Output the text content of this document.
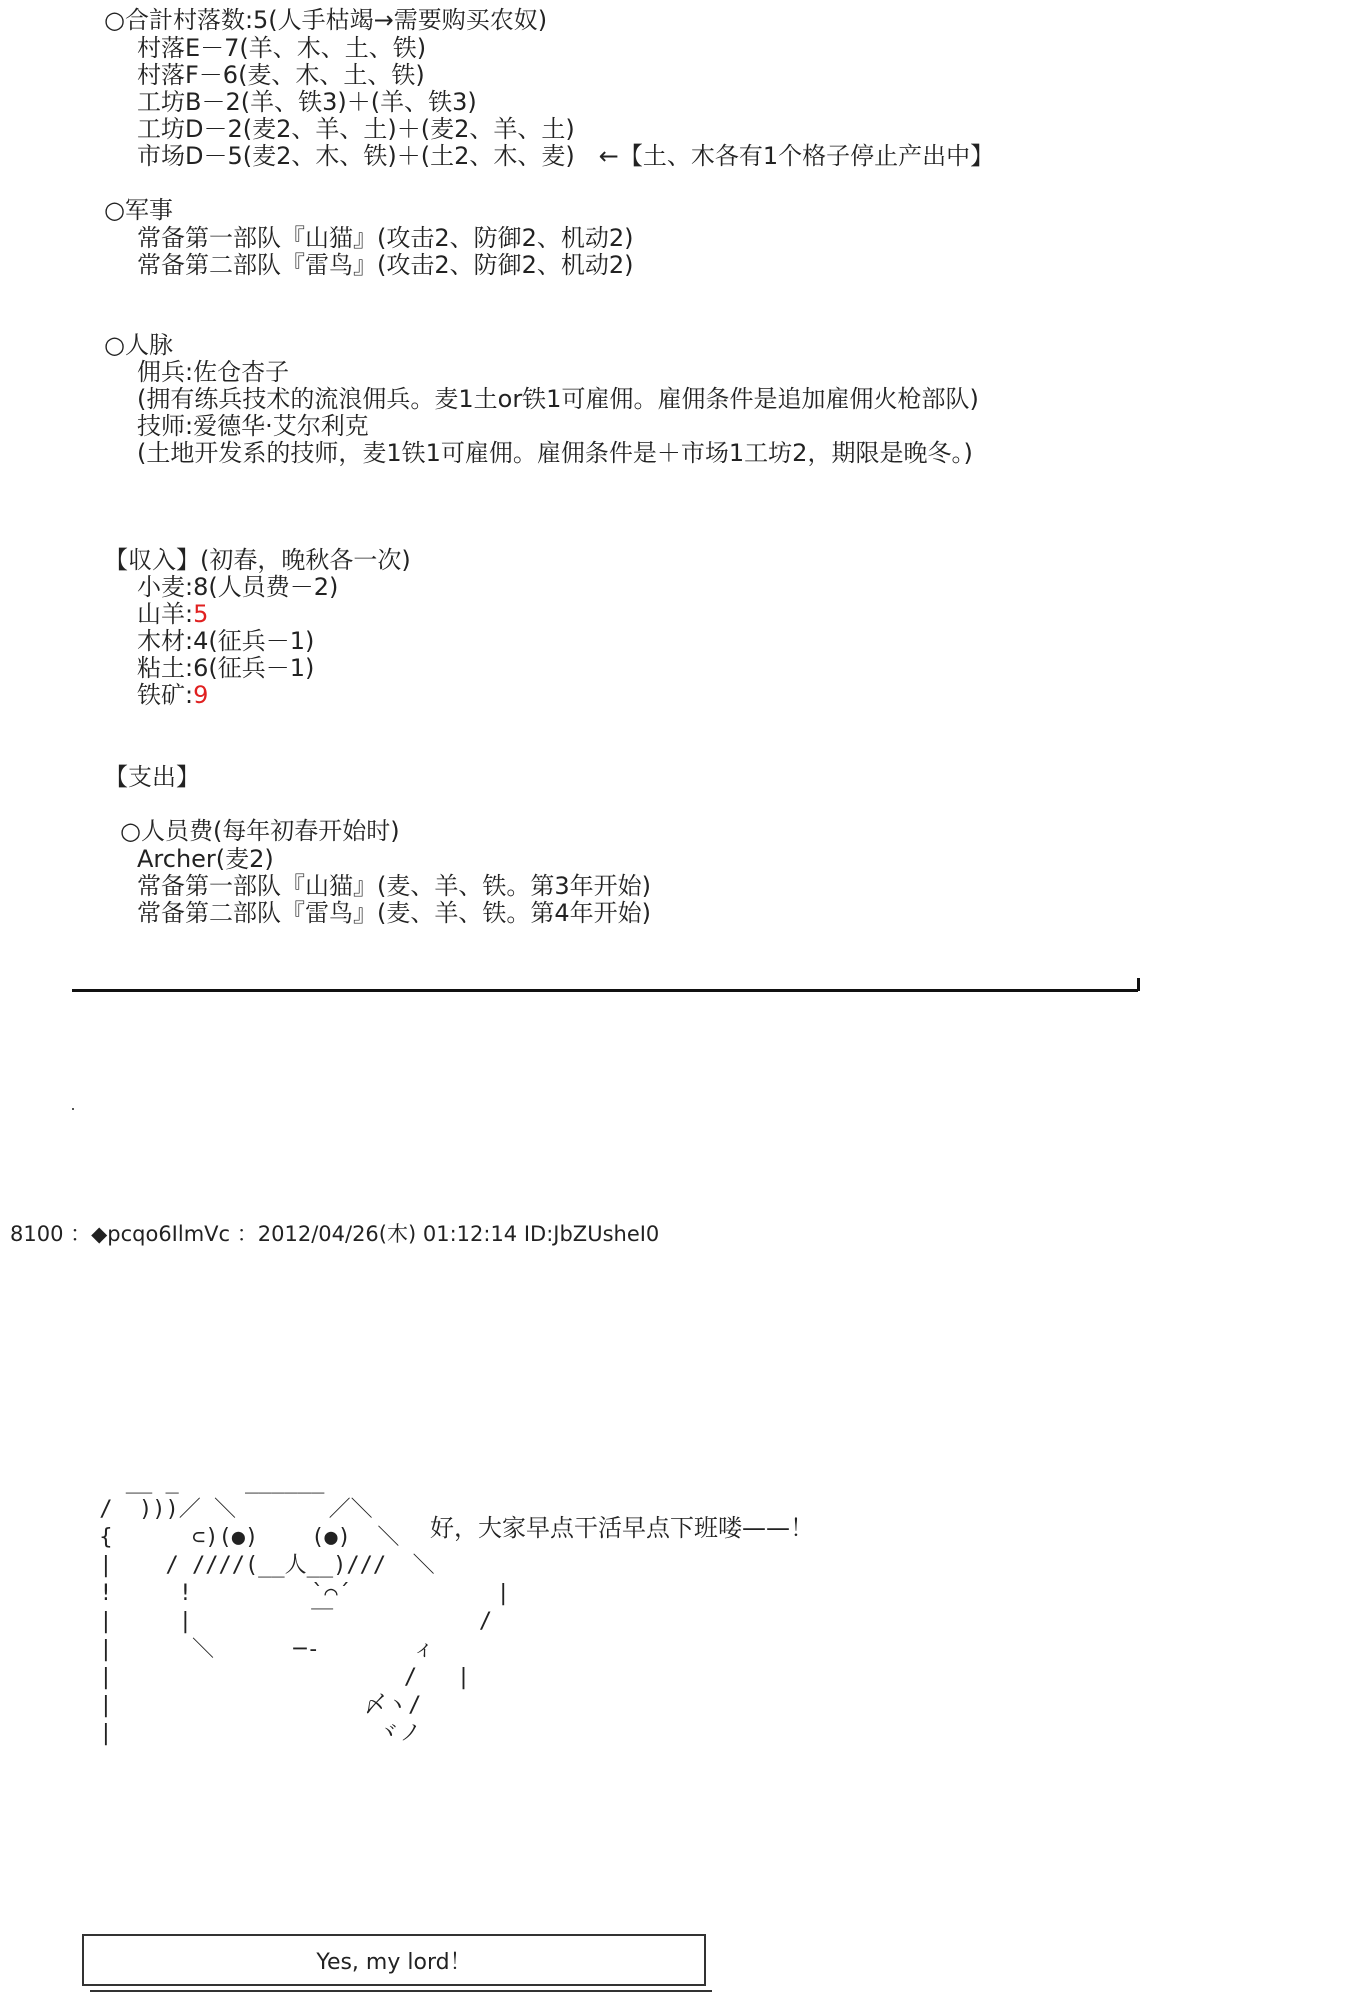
○合計村落数:5(人手枯竭→需要购买农奴)
村落E－7(羊、木、土、铁)
村落F－6(麦、木、土、铁)
工坊B－2(羊、铁3)＋(羊、铁3)
工坊D－2(麦2、羊、土)＋(麦2、羊、土)
市场D－5(麦2、木、铁)＋(土2、木、麦)　←【土、木各有1个格子停止产出中】
○军事
常备第一部队『山猫』(攻击2、防御2、机动2)
常备第二部队『雷鸟』(攻击2、防御2、机动2)
○人脉
佣兵:佐仓杏子
(拥有练兵技术的流浪佣兵。麦1土or铁1可雇佣。雇佣条件是追加雇佣火枪部队)
技师:爱德华·艾尔利克
(土地开发系的技师，麦1铁1可雇佣。雇佣条件是＋市场1工坊2，期限是晚冬。)
【収入】(初春，晚秋各一次)
小麦:8(人员费－2)
山羊:5
木材:4(征兵－1)
粘土:6(征兵－1)
铁矿:9
【支出】
○人员费(每年初春开始时)
Archer(麦2)
常备第一部队『山猫』(麦、羊、铁。第3年开始)
常备第二部队『雷鸟』(麦、羊、铁。第4年开始)
8100 ：◆pcqo6IlmVc ：2012/04/26(木) 01:12:14 ID:JbZUsheI0
__ _     ______
/  )))／ ＼       ／＼
{      ⊂)(●)    (●)  ＼
|    / ////(__人__)///  ＼
!     !         `⌒´           |
|     |         ￣           /
|      ＼      ─-       ィ
|                      /   |
|                   〆ヽ/
|                    ヾノ
好，大家早点干活早点下班喽——！
Yes, my lord！
